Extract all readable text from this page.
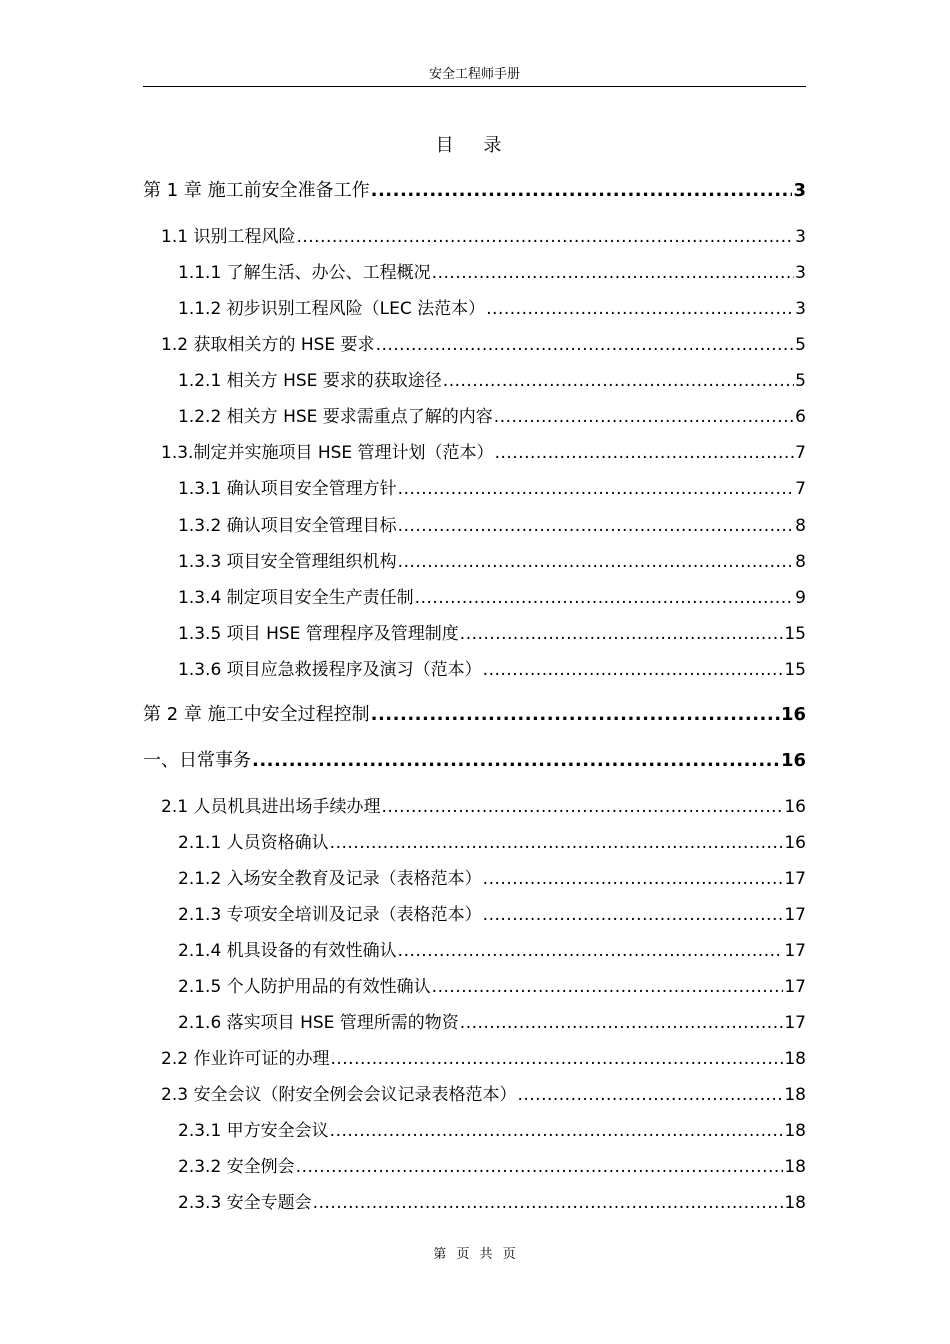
安全工程师手册
目 录
第 1 章 施工前安全准备工作 .....	3
1.1 识别工程风险 .....	3
1.1.1 了解生活、办公、工程概况 .....	3
1.1.2 初步识别工程风险（LEC 法范本） .....	3
1.2 获取相关方的 HSE 要求 .....	5
1.2.1 相关方 HSE 要求的获取途径 .....	5
1.2.2 相关方 HSE 要求需重点了解的内容 .....	6
1.3.制定并实施项目 HSE 管理计划（范本） .....	7
1.3.1 确认项目安全管理方针 .....	7
1.3.2 确认项目安全管理目标 .....	8
1.3.3 项目安全管理组织机构 .....	8
1.3.4 制定项目安全生产责任制 .....	9
1.3.5 项目 HSE 管理程序及管理制度 .....	15
1.3.6 项目应急救援程序及演习（范本） .....	15
第 2 章 施工中安全过程控制 .....	16
一、日常事务 .....	16
2.1 人员机具进出场手续办理 .....	16
2.1.1 人员资格确认 .....	16
2.1.2 入场安全教育及记录（表格范本） .....	17
2.1.3 专项安全培训及记录（表格范本） .....	17
2.1.4 机具设备的有效性确认 .....	17
2.1.5 个人防护用品的有效性确认 .....	17
2.1.6 落实项目 HSE 管理所需的物资 .....	17
2.2 作业许可证的办理 .....	18
2.3 安全会议（附安全例会会议记录表格范本） .....	18
2.3.1 甲方安全会议 .....	18
2.3.2 安全例会 .....	18
2.3.3 安全专题会 .....	18
第 页 共 页
